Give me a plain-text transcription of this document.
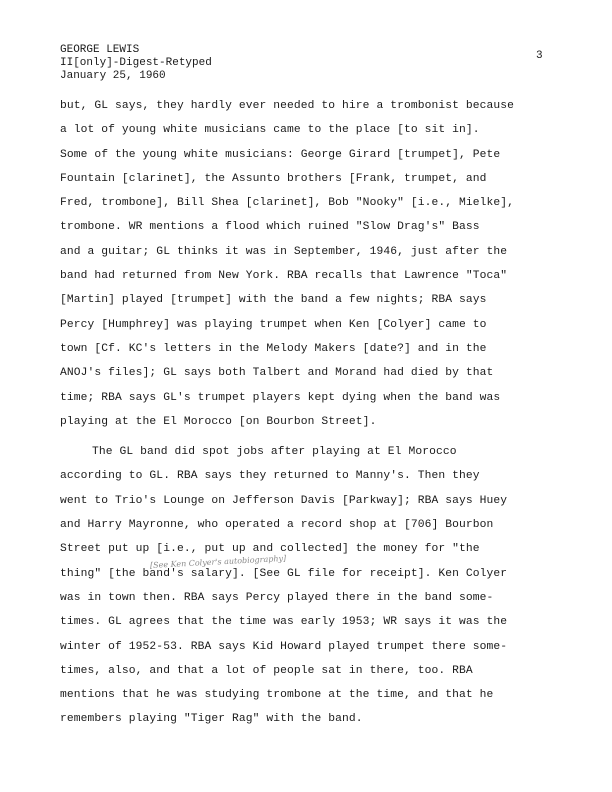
GEORGE LEWIS
II[only]-Digest-Retyped
January 25, 1960
3
but, GL says, they hardly ever needed to hire a trombonist because
a lot of young white musicians came to the place [to sit in].
Some of the young white musicians: George Girard [trumpet], Pete
Fountain [clarinet], the Assunto brothers [Frank, trumpet, and
Fred, trombone], Bill Shea [clarinet], Bob "Nooky" [i.e., Mielke],
trombone. WR mentions a flood which ruined "Slow Drag's" Bass
and a guitar; GL thinks it was in September, 1946, just after the
band had returned from New York. RBA recalls that Lawrence "Toca"
[Martin] played [trumpet] with the band a few nights; RBA says
Percy [Humphrey] was playing trumpet when Ken [Colyer] came to
town [Cf. KC's letters in the Melody Makers [date?] and in the
ANOJ's files]; GL says both Talbert and Morand had died by that
time; RBA says GL's trumpet players kept dying when the band was
playing at the El Morocco [on Bourbon Street].
The GL band did spot jobs after playing at El Morocco
according to GL. RBA says they returned to Manny's. Then they
went to Trio's Lounge on Jefferson Davis [Parkway]; RBA says Huey
and Harry Mayronne, who operated a record shop at [706] Bourbon
Street put up [i.e., put up and collected] the money for "the
thing" [the band's salary]. [See GL file for receipt]. Ken Colyer
was in town then. RBA says Percy played there in the band some-
times. GL agrees that the time was early 1953; WR says it was the
winter of 1952-53. RBA says Kid Howard played trumpet there some-
times, also, and that a lot of people sat in there, too. RBA
mentions that he was studying trombone at the time, and that he
remembers playing "Tiger Rag" with the band.
[See Ken Colyer's autobiography]
